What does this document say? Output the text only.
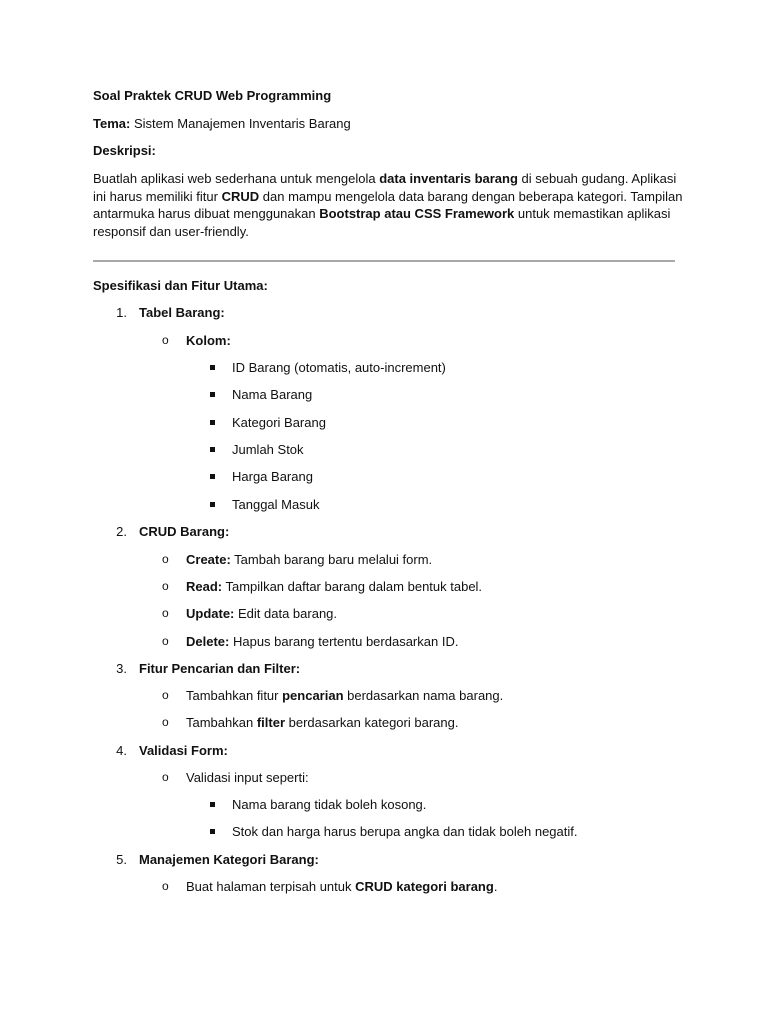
Soal Praktek CRUD Web Programming
Tema: Sistem Manajemen Inventaris Barang
Deskripsi:
Buatlah aplikasi web sederhana untuk mengelola data inventaris barang di sebuah gudang. Aplikasi ini harus memiliki fitur CRUD dan mampu mengelola data barang dengan beberapa kategori. Tampilan antarmuka harus dibuat menggunakan Bootstrap atau CSS Framework untuk memastikan aplikasi responsif dan user-friendly.
Spesifikasi dan Fitur Utama:
1. Tabel Barang:
o Kolom:
ID Barang (otomatis, auto-increment)
Nama Barang
Kategori Barang
Jumlah Stok
Harga Barang
Tanggal Masuk
2. CRUD Barang:
o Create: Tambah barang baru melalui form.
o Read: Tampilkan daftar barang dalam bentuk tabel.
o Update: Edit data barang.
o Delete: Hapus barang tertentu berdasarkan ID.
3. Fitur Pencarian dan Filter:
o Tambahkan fitur pencarian berdasarkan nama barang.
o Tambahkan filter berdasarkan kategori barang.
4. Validasi Form:
o Validasi input seperti:
Nama barang tidak boleh kosong.
Stok dan harga harus berupa angka dan tidak boleh negatif.
5. Manajemen Kategori Barang:
o Buat halaman terpisah untuk CRUD kategori barang.
